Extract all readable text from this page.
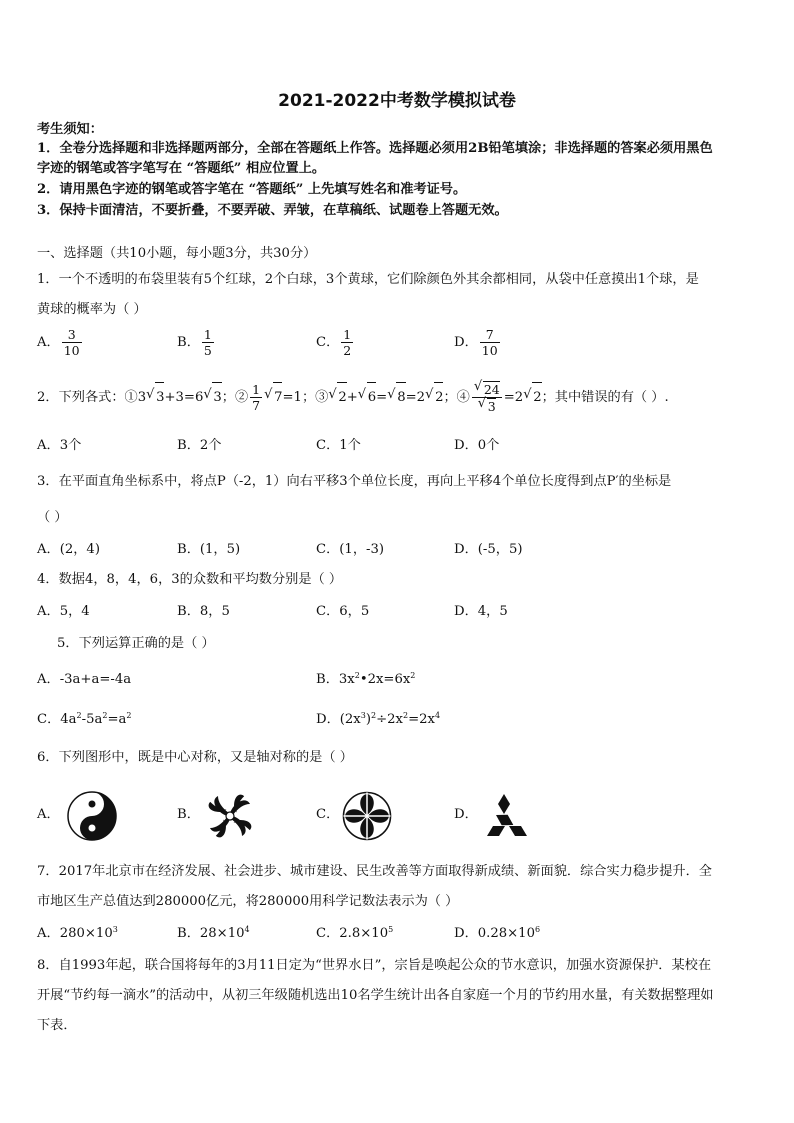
2021-2022中考数学模拟试卷
考生须知：
1．全卷分选择题和非选择题两部分，全部在答题纸上作答。选择题必须用2B铅笔填涂；非选择题的答案必须用黑色
字迹的钢笔或答字笔写在 “答题纸” 相应位置上。
2．请用黑色字迹的钢笔或答字笔在 “答题纸” 上先填写姓名和准考证号。
3．保持卡面清洁，不要折叠，不要弄破、弄皱，在草稿纸、试题卷上答题无效。
一、选择题（共10小题，每小题3分，共30分）
1．一个不透明的布袋里装有5个红球，2个白球，3个黄球，它们除颜色外其余都相同，从袋中任意摸出1个球，是
黄球的概率为（ ）
A． $\frac{3}{10}$	B． $\frac{1}{5}$	C． $\frac{1}{2}$	D． $\frac{7}{10}$
2．下列各式：①3 √ 3+3=6 √ 3；② $\frac{1}{7}$ √ 7=1；③ √ 2+ √ 6= √ 8=2 √ 2；④ √ 24
√ 3 =2 √ 2；其中错误的有（ ）.
A．3个	B．2个	C．1个	D．0个
3．在平面直角坐标系中，将点P（-2，1）向右平移3个单位长度，再向上平移4个单位长度得到点P′的坐标是
（ ）
A．(2，4)	B．(1，5)	C．(1，-3)	D．(-5，5)
4．数据4，8，4，6，3的众数和平均数分别是（ ）
A．5，4	B．8，5	C．6，5	D．4，5
5．下列运算正确的是（ ）
A．-3a+a=-4a	B．$3x^2•2x=6x^2$
C．$4a^2-5a^2=a^2$	D．$(2x^3)^2\div 2x^2=2x^4$
6．下列图形中，既是中心对称，又是轴对称的是（ ）
A．	B．	C．	D．
7．2017年北京市在经济发展、社会进步、城市建设、民生改善等方面取得新成绩、新面貌．综合实力稳步提升．全
市地区生产总值达到280000亿元，将280000用科学记数法表示为（ ）
A．$280\times 10^3$	B．$28\times 10^4$	C．$2.8\times 10^5$	D．$0.28\times 10^6$
8．自1993年起，联合国将每年的3月11日定为“世界水日”，宗旨是唤起公众的节水意识，加强水资源保护．某校在
开展“节约每一滴水”的活动中，从初三年级随机选出10名学生统计出各自家庭一个月的节约用水量，有关数据整理如
下表．
